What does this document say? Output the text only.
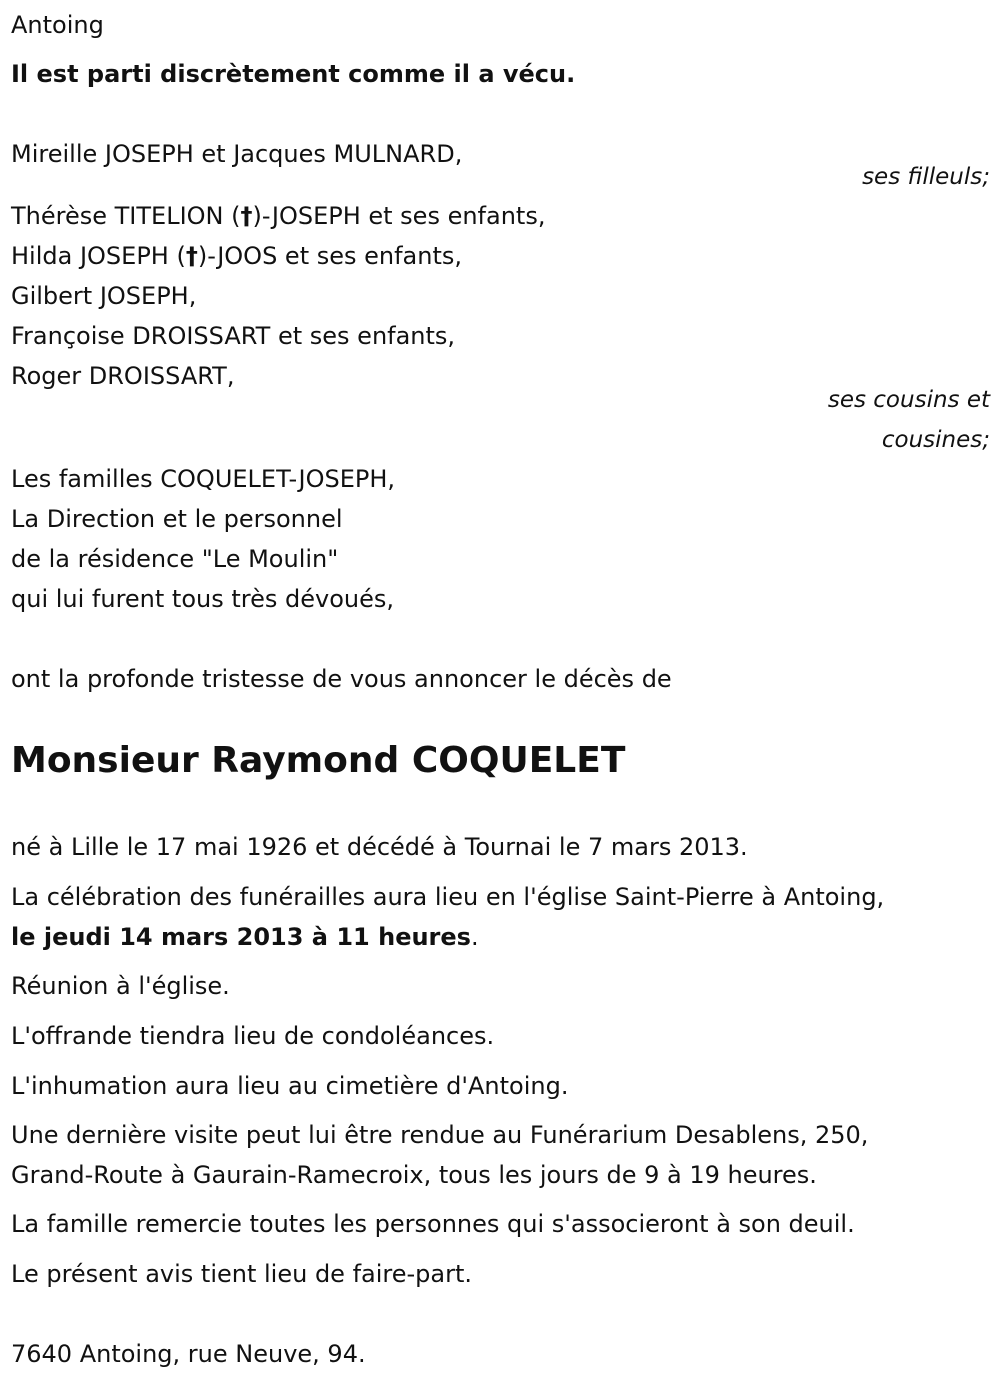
Antoing
Il est parti discrètement comme il a vécu.
Mireille JOSEPH et Jacques MULNARD,
ses filleuls;
Thérèse TITELION (†)-JOSEPH et ses enfants,
Hilda JOSEPH (†)-JOOS et ses enfants,
Gilbert JOSEPH,
Françoise DROISSART et ses enfants,
Roger DROISSART,
ses cousins et
cousines;
Les familles COQUELET-JOSEPH,
La Direction et le personnel
de la résidence "Le Moulin"
qui lui furent tous très dévoués,
ont la profonde tristesse de vous annoncer le décès de
Monsieur Raymond COQUELET
né à Lille le 17 mai 1926 et décédé à Tournai le 7 mars 2013.
La célébration des funérailles aura lieu en l'église Saint-Pierre à Antoing,
le jeudi 14 mars 2013 à 11 heures.
Réunion à l'église.
L'offrande tiendra lieu de condoléances.
L'inhumation aura lieu au cimetière d'Antoing.
Une dernière visite peut lui être rendue au Funérarium Desablens, 250,
Grand-Route à Gaurain-Ramecroix, tous les jours de 9 à 19 heures.
La famille remercie toutes les personnes qui s'associeront à son deuil.
Le présent avis tient lieu de faire-part.
7640 Antoing, rue Neuve, 94.
